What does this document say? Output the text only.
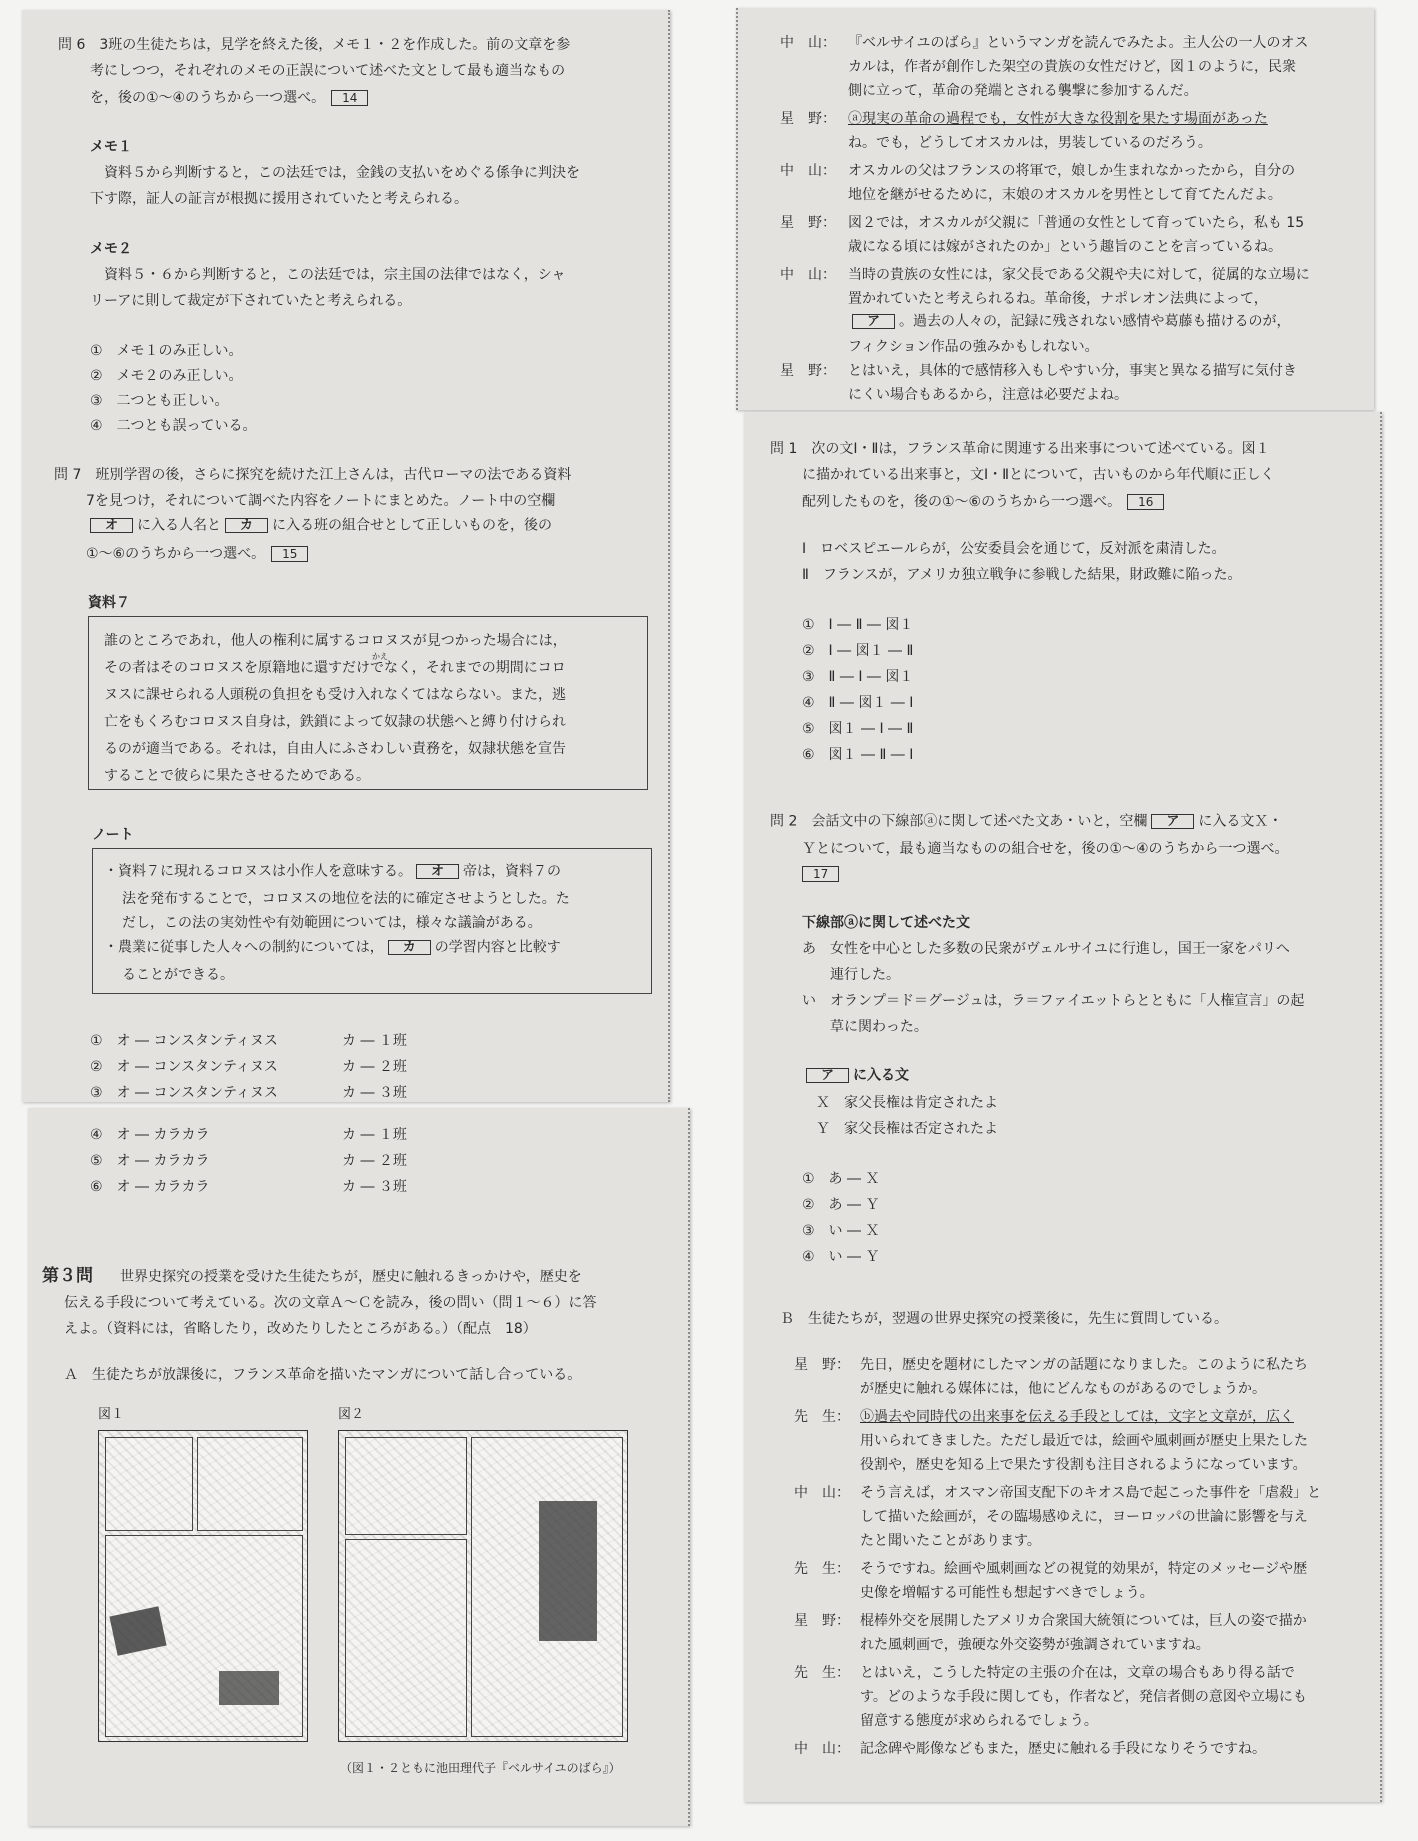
問 6　3班の生徒たちは，見学を終えた後，メモ１・２を作成した。前の文章を参
考にしつつ，それぞれのメモの正誤について述べた文として最も適当なもの
を，後の①～④のうちから一つ選べ。 14
メモ１
資料５から判断すると，この法廷では，金銭の支払いをめぐる係争に判決を
下す際，証人の証言が根拠に援用されていたと考えられる。
メモ２
資料５・６から判断すると，この法廷では，宗主国の法律ではなく，シャ
リーアに則して裁定が下されていたと考えられる。
①　メモ１のみ正しい。
②　メモ２のみ正しい。
③　二つとも正しい。
④　二つとも誤っている。
問 7　班別学習の後，さらに探究を続けた江上さんは，古代ローマの法である資料
7を見つけ，それについて調べた内容をノートにまとめた。ノート中の空欄
オ に入る人名と カ に入る班の組合せとして正しいものを，後の
①～⑥のうちから一つ選べ。 15
資料７
かえ
誰のところであれ，他人の権利に属するコロヌスが見つかった場合には，
その者はそのコロヌスを原籍地に還すだけでなく，それまでの期間にコロ
ヌスに課せられる人頭税の負担をも受け入れなくてはならない。また，逃
亡をもくろむコロヌス自身は，鉄鎖によって奴隷の状態へと縛り付けられ
るのが適当である。それは，自由人にふさわしい責務を，奴隷状態を宣告
することで彼らに果たさせるためである。
ノート
・資料７に現れるコロヌスは小作人を意味する。 オ 帝は，資料７の
法を発布することで，コロヌスの地位を法的に確定させようとした。た
だし，この法の実効性や有効範囲については，様々な議論がある。
・農業に従事した人々への制約については， カ の学習内容と比較す
ることができる。
①　オ ― コンスタンティヌス	カ ― １班
②　オ ― コンスタンティヌス	カ ― ２班
③　オ ― コンスタンティヌス	カ ― ３班
④　オ ― カラカラ	カ ― １班
⑤　オ ― カラカラ	カ ― ２班
⑥　オ ― カラカラ	カ ― ３班
第３問 世界史探究の授業を受けた生徒たちが，歴史に触れるきっかけや，歴史を
伝える手段について考えている。次の文章Ａ～Ｃを読み，後の問い（問１～６）に答
えよ。（資料には，省略したり，改めたりしたところがある。）（配点　18）
Ａ　生徒たちが放課後に，フランス革命を描いたマンガについて話し合っている。
図１	図２
（図１・２ともに池田理代子『ベルサイユのばら』）
中　山： 『ベルサイユのばら』というマンガを読んでみたよ。主人公の一人のオス
カルは，作者が創作した架空の貴族の女性だけど，図１のように，民衆
側に立って，革命の発端とされる襲撃に参加するんだ。
星　野： ⓐ現実の革命の過程でも，女性が大きな役割を果たす場面があった
ね。でも，どうしてオスカルは，男装しているのだろう。
中　山： オスカルの父はフランスの将軍で，娘しか生まれなかったから，自分の
地位を継がせるために，末娘のオスカルを男性として育てたんだよ。
星　野： 図２では，オスカルが父親に「普通の女性として育っていたら，私も 15
歳になる頃には嫁がされたのか」という趣旨のことを言っているね。
中　山： 当時の貴族の女性には，家父長である父親や夫に対して，従属的な立場に
置かれていたと考えられるね。革命後，ナポレオン法典によって，
ア 。過去の人々の，記録に残されない感情や葛藤も描けるのが，
フィクション作品の強みかもしれない。
星　野： とはいえ，具体的で感情移入もしやすい分，事実と異なる描写に気付き
にくい場合もあるから，注意は必要だよね。
問 1　次の文Ⅰ・Ⅱは，フランス革命に関連する出来事について述べている。図１
に描かれている出来事と，文Ⅰ・Ⅱとについて，古いものから年代順に正しく
配列したものを，後の①～⑥のうちから一つ選べ。 16
Ⅰ　ロベスピエールらが，公安委員会を通じて，反対派を粛清した。
Ⅱ　フランスが，アメリカ独立戦争に参戦した結果，財政難に陥った。
①　Ⅰ ― Ⅱ ― 図１
②　Ⅰ ― 図１ ― Ⅱ
③　Ⅱ ― Ⅰ ― 図１
④　Ⅱ ― 図１ ― Ⅰ
⑤　図１ ― Ⅰ ― Ⅱ
⑥　図１ ― Ⅱ ― Ⅰ
問 2　会話文中の下線部ⓐに関して述べた文あ・いと，空欄 ア に入る文Ｘ・
Ｙとについて，最も適当なものの組合せを，後の①～④のうちから一つ選べ。
17
下線部ⓐに関して述べた文
あ　女性を中心とした多数の民衆がヴェルサイユに行進し，国王一家をパリへ
　連行した。
い　オランプ＝ド＝グージュは，ラ＝ファイエットらとともに「人権宣言」の起
　草に関わった。
ア に入る文
Ｘ　家父長権は肯定されたよ
Ｙ　家父長権は否定されたよ
①　あ ― Ｘ
②　あ ― Ｙ
③　い ― Ｘ
④　い ― Ｙ
Ｂ　生徒たちが，翌週の世界史探究の授業後に，先生に質問している。
星　野： 先日，歴史を題材にしたマンガの話題になりました。このように私たち
が歴史に触れる媒体には，他にどんなものがあるのでしょうか。
先　生： ⓑ過去や同時代の出来事を伝える手段としては，文字と文章が，広く
用いられてきました。ただし最近では，絵画や風刺画が歴史上果たした
役割や，歴史を知る上で果たす役割も注目されるようになっています。
中　山： そう言えば，オスマン帝国支配下のキオス島で起こった事件を「虐殺」と
して描いた絵画が，その臨場感ゆえに，ヨーロッパの世論に影響を与え
たと聞いたことがあります。
先　生： そうですね。絵画や風刺画などの視覚的効果が，特定のメッセージや歴
史像を増幅する可能性も想起すべきでしょう。
星　野： 棍棒外交を展開したアメリカ合衆国大統領については，巨人の姿で描か
れた風刺画で，強硬な外交姿勢が強調されていますね。
先　生： とはいえ，こうした特定の主張の介在は，文章の場合もあり得る話で
す。どのような手段に関しても，作者など，発信者側の意図や立場にも
留意する態度が求められるでしょう。
中　山： 記念碑や彫像などもまた，歴史に触れる手段になりそうですね。
